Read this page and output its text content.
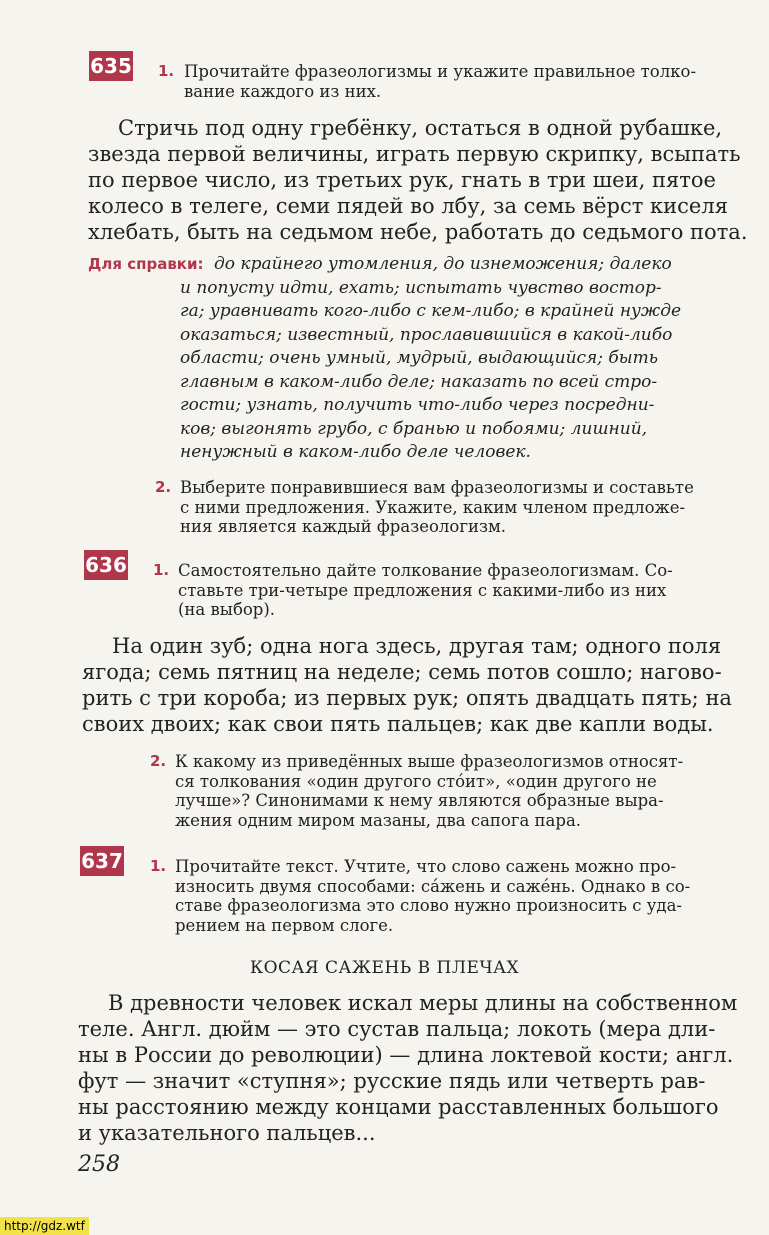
635 1. Прочитайте фразеологизмы и укажите правильное толко-
вание каждого из них.
Стричь под одну гребёнку, остаться в одной рубашке,
звезда первой величины, играть первую скрипку, всыпать
по первое число, из третьих рук, гнать в три шеи, пятое
колесо в телеге, семи пядей во лбу, за семь вёрст киселя
хлебать, быть на седьмом небе, работать до седьмого пота.
Для справки: до крайнего утомления, до изнеможения; далеко
и попусту идти, ехать; испытать чувство востор-
га; уравнивать кого-либо с кем-либо; в крайней нужде
оказаться; известный, прославившийся в какой-либо
области; очень умный, мудрый, выдающийся; быть
главным в каком-либо деле; наказать по всей стро-
гости; узнать, получить что-либо через посредни-
ков; выгонять грубо, с бранью и побоями; лишний,
ненужный в каком-либо деле человек.
2. Выберите понравившиеся вам фразеологизмы и составьте
с ними предложения. Укажите, каким членом предложе-
ния является каждый фразеологизм.
636 1. Самостоятельно дайте толкование фразеологизмам. Со-
ставьте три-четыре предложения с какими-либо из них
(на выбор).
На один зуб; одна нога здесь, другая там; одного поля
ягода; семь пятниц на неделе; семь потов сошло; наговo-
рить с три короба; из первых рук; опять двадцать пять; на
своих двоих; как свои пять пальцев; как две капли воды.
2. К какому из приведённых выше фразеологизмов относят-
ся толкования «один другого стóит», «один другого не
лучше»? Синонимами к нему являются образные выра-
жения одним миром мазаны, два сапога пара.
637 1. Прочитайте текст. Учтите, что слово сажень можно про-
износить двумя способами: сáжень и сажéнь. Однако в со-
ставе фразеологизма это слово нужно произносить с уда-
рением на первом слоге.
КОСАЯ САЖЕНЬ В ПЛЕЧАХ
В древности человек искал меры длины на собственном
теле. Англ. дюйм — это сустав пальца; локоть (мера дли-
ны в России до революции) — длина локтевой кости; англ.
фут — значит «ступня»; русские пядь или четверть рав-
ны расстоянию между концами расставленных большого
и указательного пальцев...
258
http://gdz.wtf
